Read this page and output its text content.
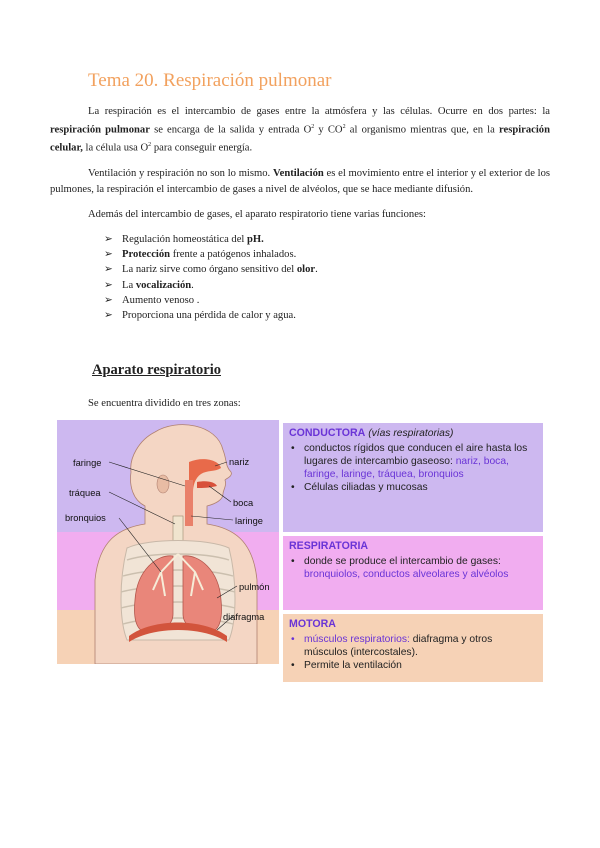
Tema 20. Respiración pulmonar

La respiración es el intercambio de gases entre la atmósfera y las células. Ocurre en dos partes: la respiración pulmonar se encarga de la salida y entrada $O^2$ y $CO^2$ al organismo mientras que, en la respiración celular, la célula usa $O^2$ para conseguir energía.

Ventilación y respiración no son lo mismo. Ventilación es el movimiento entre el interior y el exterior de los pulmones, la respiración el intercambio de gases a nivel de alvéolos, que se hace mediante difusión.

Además del intercambio de gases, el aparato respiratorio tiene varias funciones:

➢ Regulación homeostática del pH.
➢ Protección frente a patógenos inhalados.
➢ La nariz sirve como órgano sensitivo del olor.
➢ La vocalización.
➢ Aumento venoso .
➢ Proporciona una pérdida de calor y agua.
Aparato respiratorio

Se encuentra dividido en tres zonas:

faringe
tráquea
bronquios
nariz
boca
laringe
pulmón
diafragma
CONDUCTORA (vías respiratorias)
• conductos rígidos que conducen el aire hasta los lugares de intercambio gaseoso: nariz, boca, faringe, laringe, tráquea, bronquios
• Células ciliadas y mucosas
RESPIRATORIA
• donde se produce el intercambio de gases: bronquiolos, conductos alveolares y alvéolos
MOTORA
• músculos respiratorios: diafragma y otros músculos (intercostales).
• Permite la ventilación
